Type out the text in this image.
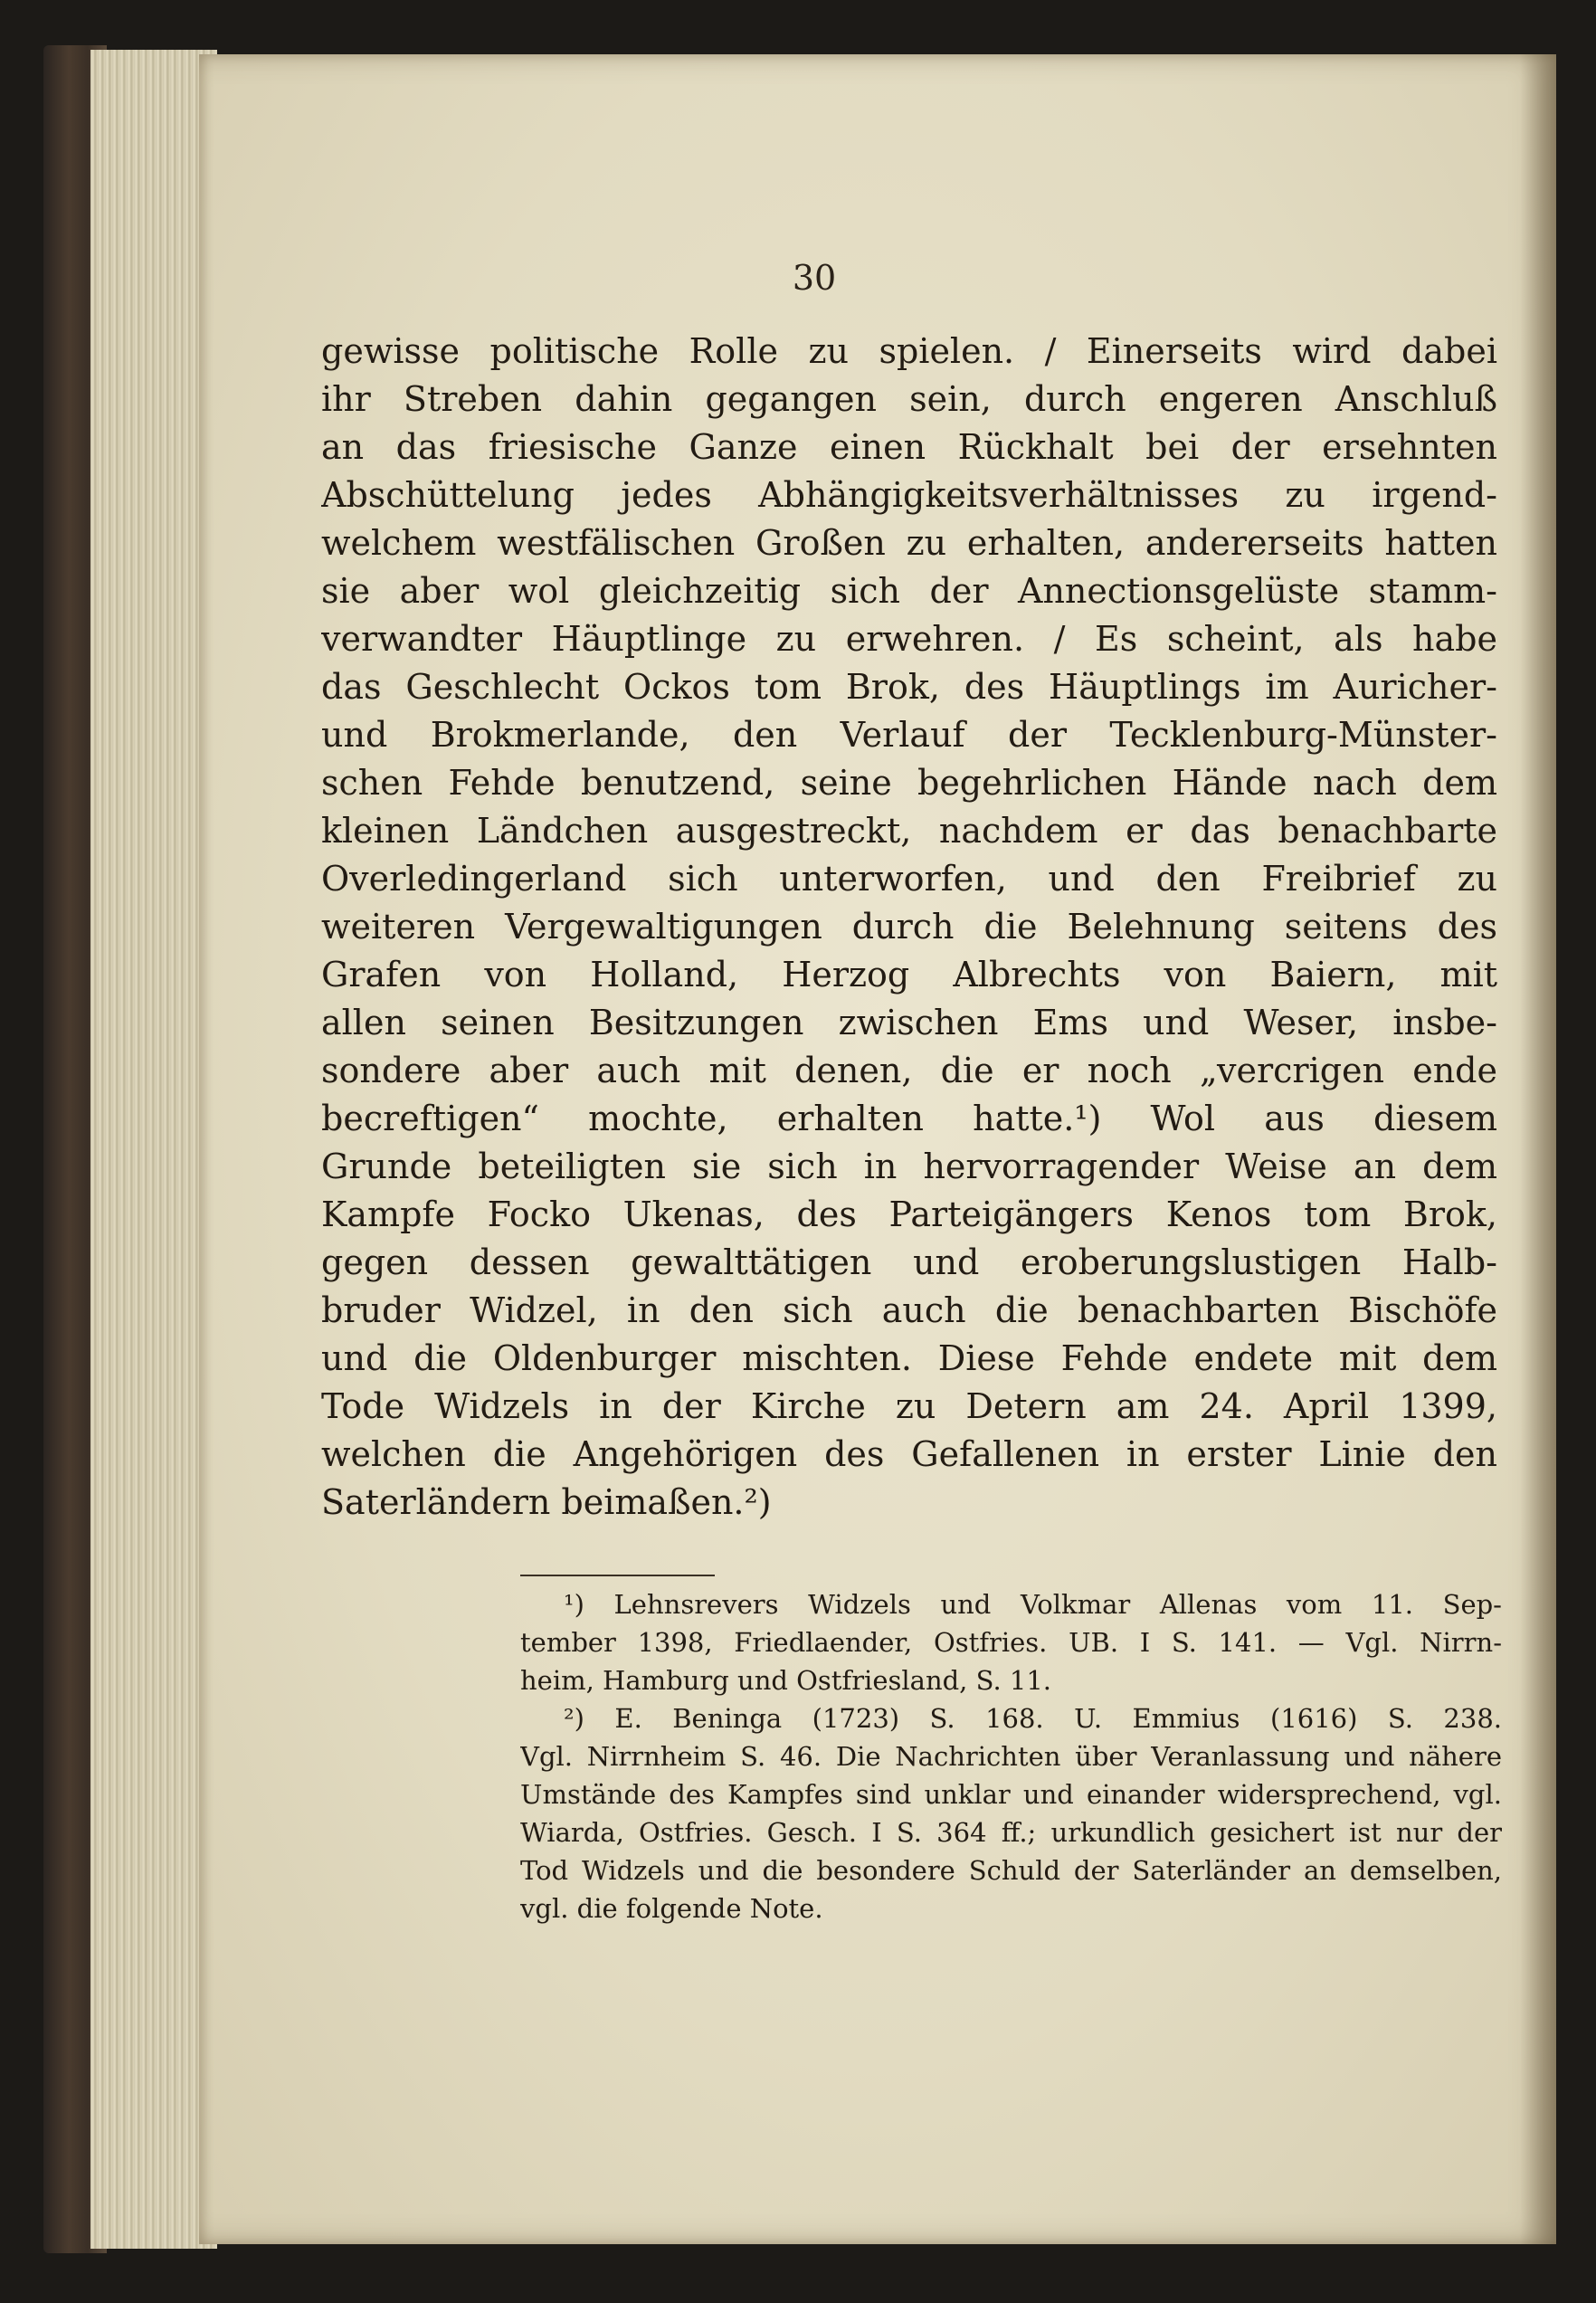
30
gewisse politische Rolle zu spielen. / Einerseits wird dabei
ihr Streben dahin gegangen sein, durch engeren Anschluß
an das friesische Ganze einen Rückhalt bei der ersehnten
Abschüttelung jedes Abhängigkeitsverhältnisses zu irgend-
welchem westfälischen Großen zu erhalten, andererseits hatten
sie aber wol gleichzeitig sich der Annectionsgelüste stamm-
verwandter Häuptlinge zu erwehren. / Es scheint, als habe
das Geschlecht Ockos tom Brok, des Häuptlings im Auricher-
und Brokmerlande, den Verlauf der Tecklenburg-Münster-
schen Fehde benutzend, seine begehrlichen Hände nach dem
kleinen Ländchen ausgestreckt, nachdem er das benachbarte
Overledingerland sich unterworfen, und den Freibrief zu
weiteren Vergewaltigungen durch die Belehnung seitens des
Grafen von Holland, Herzog Albrechts von Baiern, mit
allen seinen Besitzungen zwischen Ems und Weser, insbe-
sondere aber auch mit denen, die er noch „vercrigen ende
becreftigen“ mochte, erhalten hatte.¹) Wol aus diesem
Grunde beteiligten sie sich in hervorragender Weise an dem
Kampfe Focko Ukenas, des Parteigängers Kenos tom Brok,
gegen dessen gewalttätigen und eroberungslustigen Halb-
bruder Widzel, in den sich auch die benachbarten Bischöfe
und die Oldenburger mischten. Diese Fehde endete mit dem
Tode Widzels in der Kirche zu Detern am 24. April 1399,
welchen die Angehörigen des Gefallenen in erster Linie den
Saterländern beimaßen.²)
¹) Lehnsrevers Widzels und Volkmar Allenas vom 11. Sep-
tember 1398, Friedlaender, Ostfries. UB. I S. 141. — Vgl. Nirrn-
heim, Hamburg und Ostfriesland, S. 11.
²) E. Beninga (1723) S. 168. U. Emmius (1616) S. 238.
Vgl. Nirrnheim S. 46. Die Nachrichten über Veranlassung und nähere
Umstände des Kampfes sind unklar und einander widersprechend, vgl.
Wiarda, Ostfries. Gesch. I S. 364 ff.; urkundlich gesichert ist nur der
Tod Widzels und die besondere Schuld der Saterländer an demselben,
vgl. die folgende Note.
